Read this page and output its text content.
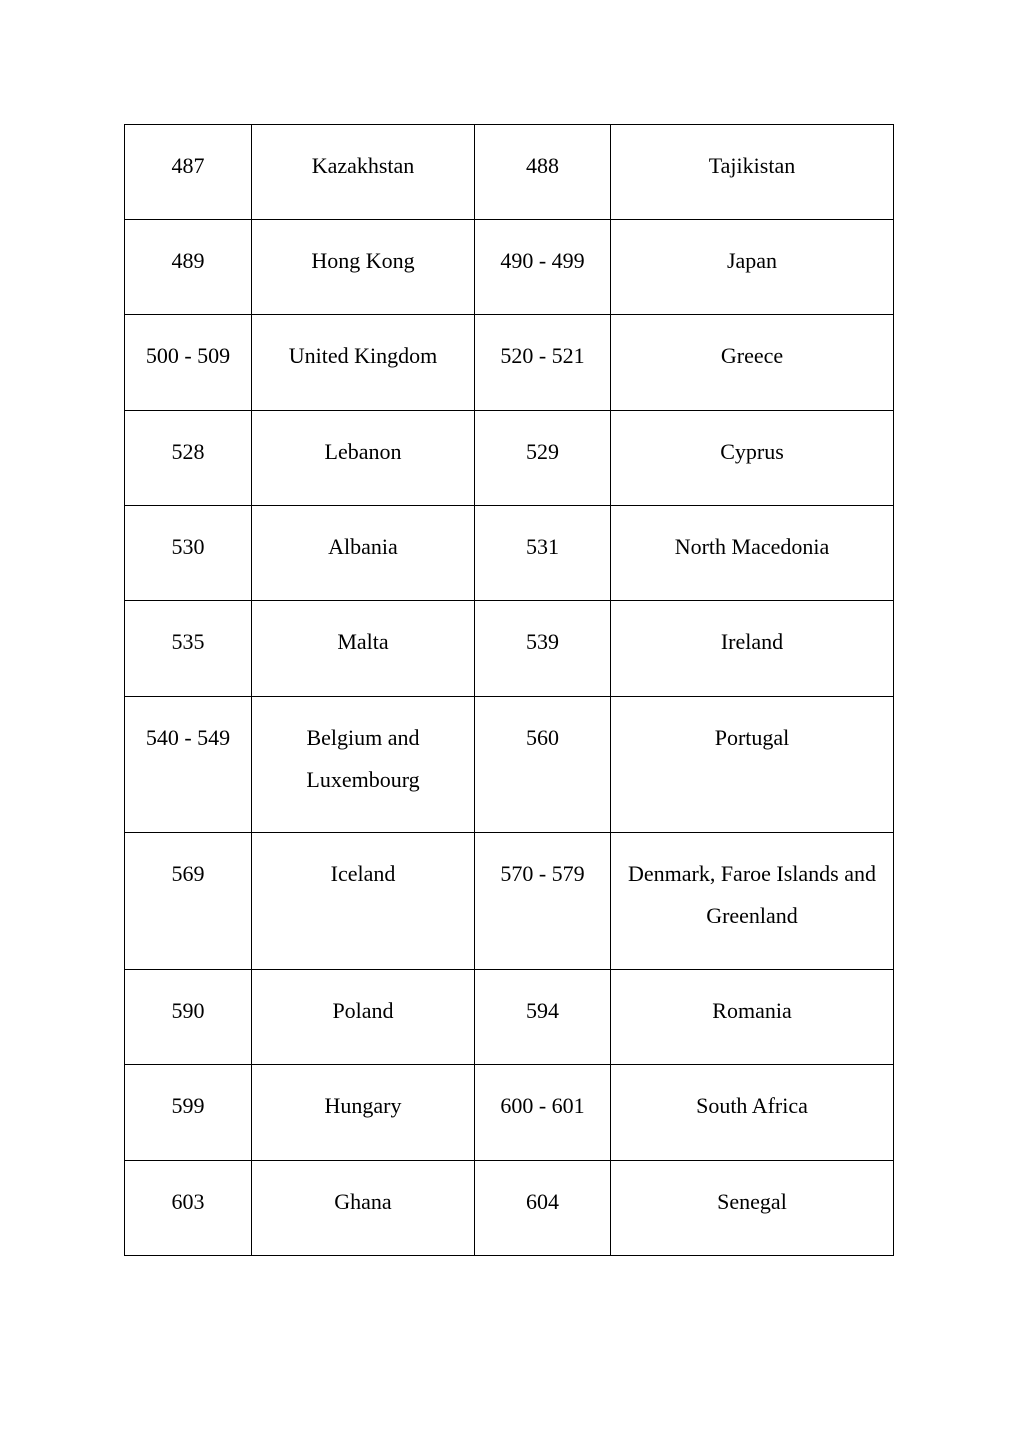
487	Kazakhstan	488	Tajikistan
489	Hong Kong	490 - 499	Japan
500 - 509	United Kingdom	520 - 521	Greece
528	Lebanon	529	Cyprus
530	Albania	531	North Macedonia
535	Malta	539	Ireland
540 - 549	Belgium and Luxembourg	560	Portugal
569	Iceland	570 - 579	Denmark, Faroe Islands and Greenland
590	Poland	594	Romania
599	Hungary	600 - 601	South Africa
603	Ghana	604	Senegal
